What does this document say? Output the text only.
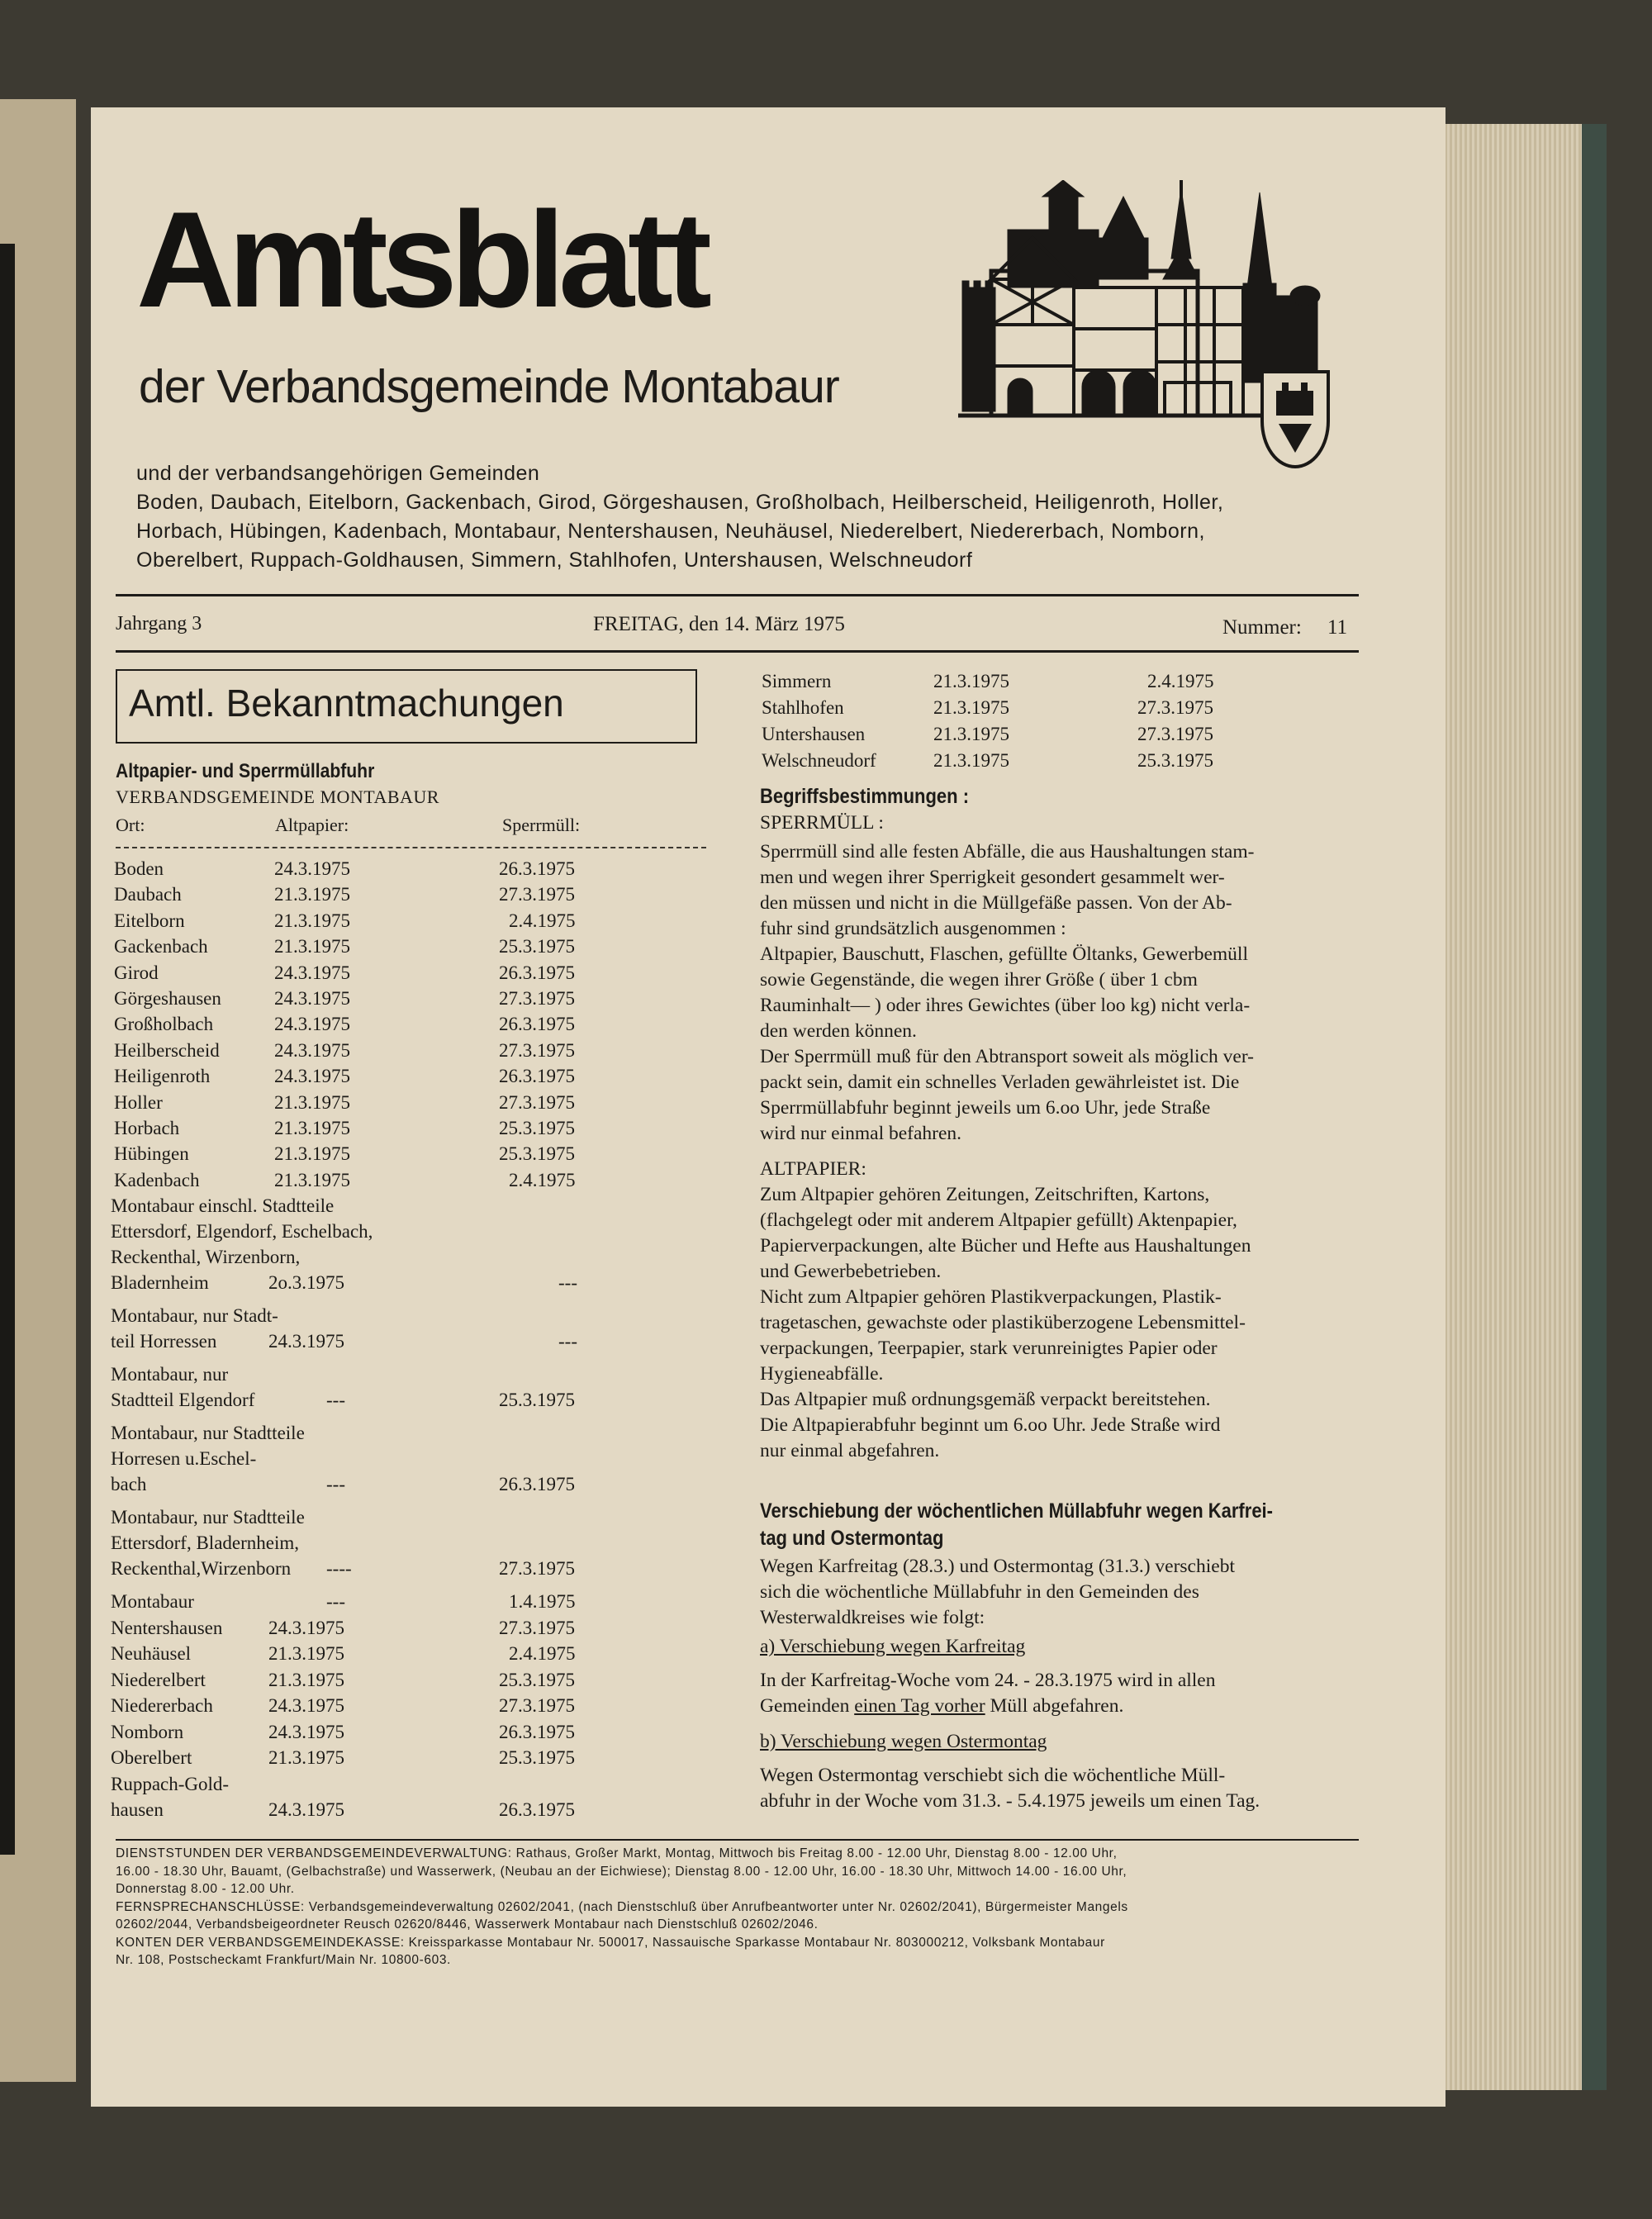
Amtsblatt
der Verbandsgemeinde Montabaur
und der verbandsangehörigen Gemeinden
Boden, Daubach, Eitelborn, Gackenbach, Girod, Görgeshausen, Großholbach, Heilberscheid, Heiligenroth, Holler,
Horbach, Hübingen, Kadenbach, Montabaur, Nentershausen, Neuhäusel, Niederelbert, Niedererbach, Nomborn,
Oberelbert, Ruppach-Goldhausen, Simmern, Stahlhofen, Untershausen, Welschneudorf
Jahrgang 3	FREITAG, den 14. März 1975	Nummer: 11
Amtl. Bekanntmachungen
Altpapier- und Sperrmüllabfuhr
VERBANDSGEMEINDE MONTABAUR
Ort:	Altpapier:	Sperrmüll:
Boden	24.3.1975	26.3.1975
Daubach	21.3.1975	27.3.1975
Eitelborn	21.3.1975	2.4.1975
Gackenbach	21.3.1975	25.3.1975
Girod	24.3.1975	26.3.1975
Görgeshausen	24.3.1975	27.3.1975
Großholbach	24.3.1975	26.3.1975
Heilberscheid	24.3.1975	27.3.1975
Heiligenroth	24.3.1975	26.3.1975
Holler	21.3.1975	27.3.1975
Horbach	21.3.1975	25.3.1975
Hübingen	21.3.1975	25.3.1975
Kadenbach	21.3.1975	2.4.1975
Montabaur einschl. Stadtteile
Ettersdorf, Elgendorf, Eschelbach,
Reckenthal, Wirzenborn,
Bladernheim	2o.3.1975	---
Montabaur, nur Stadt-
teil Horressen	24.3.1975	---
Montabaur, nur
Stadtteil Elgendorf	---	25.3.1975
Montabaur, nur Stadtteile
Horresen u.Eschel-
bach	---	26.3.1975
Montabaur, nur Stadtteile
Ettersdorf, Bladernheim,
Reckenthal,Wirzenborn ----	27.3.1975
Montabaur	---	1.4.1975
Nentershausen 24.3.1975	27.3.1975
Neuhäusel	21.3.1975	2.4.1975
Niederelbert	21.3.1975	25.3.1975
Niedererbach	24.3.1975	27.3.1975
Nomborn	24.3.1975	26.3.1975
Oberelbert	21.3.1975	25.3.1975
Ruppach-Gold-
hausen	24.3.1975	26.3.1975
Simmern	21.3.1975	2.4.1975
Stahlhofen	21.3.1975	27.3.1975
Untershausen	21.3.1975	27.3.1975
Welschneudorf	21.3.1975	25.3.1975
Begriffsbestimmungen :
SPERRMÜLL :
Sperrmüll sind alle festen Abfälle, die aus Haushaltungen stam-
men und wegen ihrer Sperrigkeit gesondert gesammelt wer-
den müssen und nicht in die Müllgefäße passen. Von der Ab-
fuhr sind grundsätzlich ausgenommen :
Altpapier, Bauschutt, Flaschen, gefüllte Öltanks, Gewerbemüll
sowie Gegenstände, die wegen ihrer Größe ( über 1 cbm
Rauminhalt— ) oder ihres Gewichtes (über loo kg) nicht verla-
den werden können.
Der Sperrmüll muß für den Abtransport soweit als möglich ver-
packt sein, damit ein schnelles Verladen gewährleistet ist. Die
Sperrmüllabfuhr beginnt jeweils um 6.oo Uhr, jede Straße
wird nur einmal befahren.
ALTPAPIER:
Zum Altpapier gehören Zeitungen, Zeitschriften, Kartons,
(flachgelegt oder mit anderem Altpapier gefüllt) Aktenpapier,
Papierverpackungen, alte Bücher und Hefte aus Haushaltungen
und Gewerbebetrieben.
Nicht zum Altpapier gehören Plastikverpackungen, Plastik-
tragetaschen, gewachste oder plastiküberzogene Lebensmittel-
verpackungen, Teerpapier, stark verunreinigtes Papier oder
Hygieneabfälle.
Das Altpapier muß ordnungsgemäß verpackt bereitstehen.
Die Altpapierabfuhr beginnt um 6.oo Uhr. Jede Straße wird
nur einmal abgefahren.
Verschiebung der wöchentlichen Müllabfuhr wegen Karfrei-
tag und Ostermontag
Wegen Karfreitag (28.3.) und Ostermontag (31.3.) verschiebt
sich die wöchentliche Müllabfuhr in den Gemeinden des
Westerwaldkreises wie folgt:
a) Verschiebung wegen Karfreitag
In der Karfreitag-Woche vom 24. - 28.3.1975 wird in allen
Gemeinden einen Tag vorher Müll abgefahren.
b) Verschiebung wegen Ostermontag
Wegen Ostermontag verschiebt sich die wöchentliche Müll-
abfuhr in der Woche vom 31.3. - 5.4.1975 jeweils um einen Tag.
DIENSTSTUNDEN DER VERBANDSGEMEINDEVERWALTUNG: Rathaus, Großer Markt, Montag, Mittwoch bis Freitag 8.00 - 12.00 Uhr, Dienstag 8.00 - 12.00 Uhr,
16.00 - 18.30 Uhr, Bauamt, (Gelbachstraße) und Wasserwerk, (Neubau an der Eichwiese); Dienstag 8.00 - 12.00 Uhr, 16.00 - 18.30 Uhr, Mittwoch 14.00 - 16.00 Uhr,
Donnerstag 8.00 - 12.00 Uhr.
FERNSPRECHANSCHLÜSSE: Verbandsgemeindeverwaltung 02602/2041, (nach Dienstschluß über Anrufbeantworter unter Nr. 02602/2041), Bürgermeister Mangels
02602/2044, Verbandsbeigeordneter Reusch 02620/8446, Wasserwerk Montabaur nach Dienstschluß 02602/2046.
KONTEN DER VERBANDSGEMEINDEKASSE: Kreissparkasse Montabaur Nr. 500017, Nassauische Sparkasse Montabaur Nr. 803000212, Volksbank Montabaur
Nr. 108, Postscheckamt Frankfurt/Main Nr. 10800-603.
